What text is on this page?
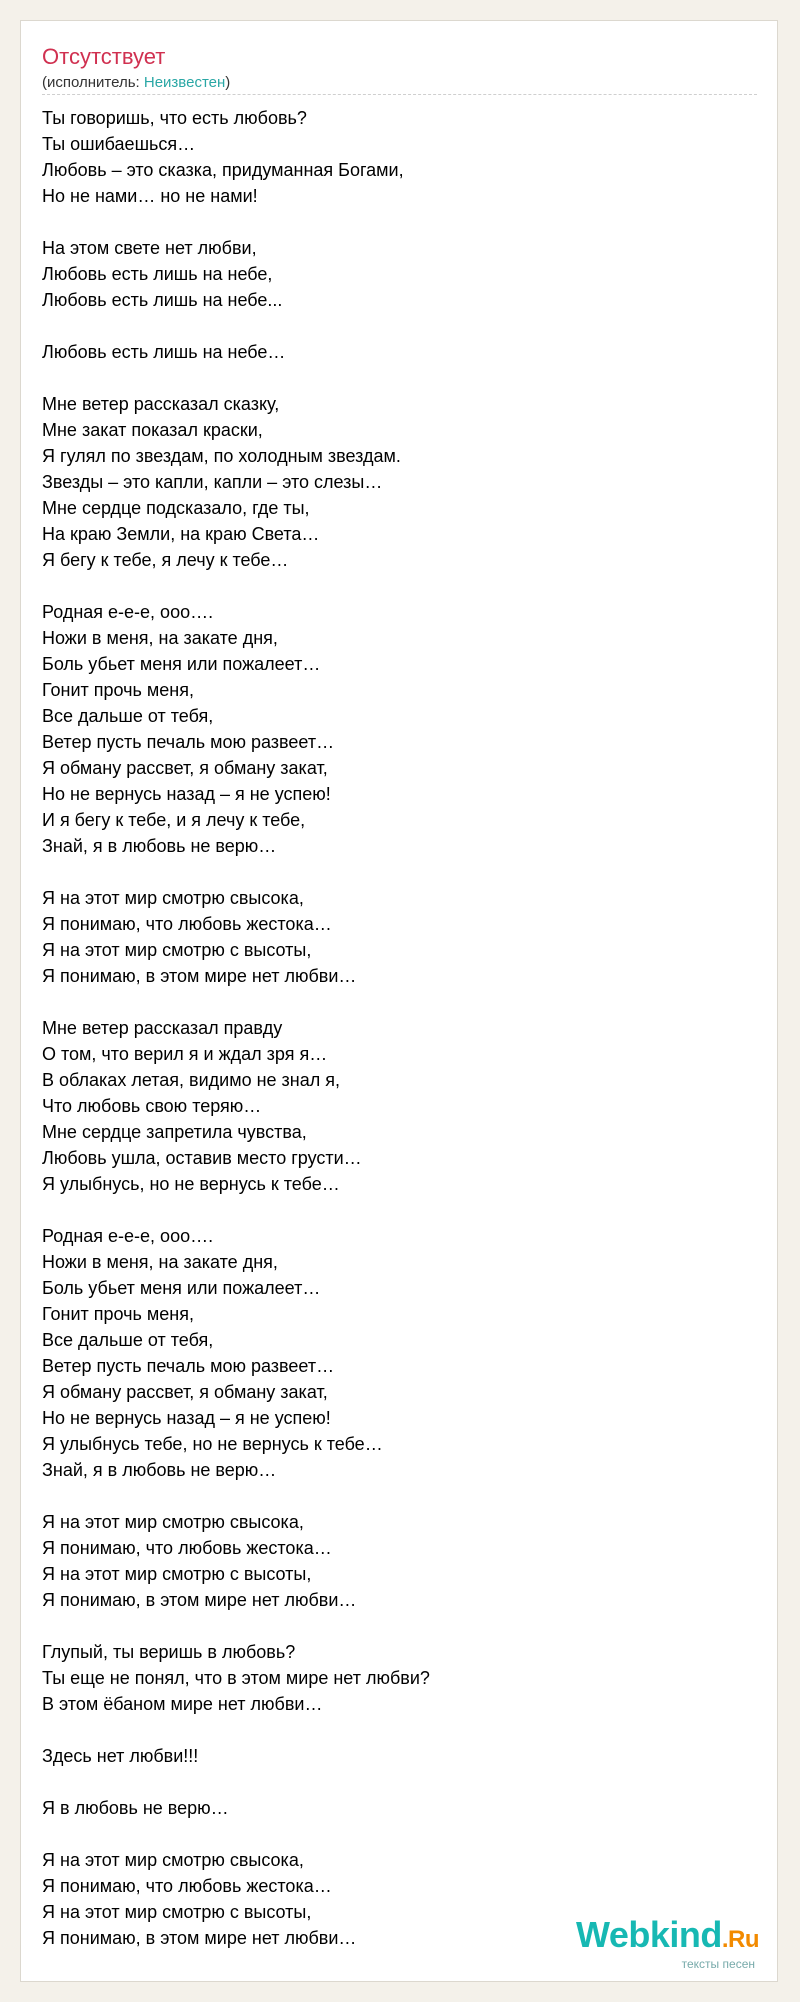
Отсутствует
(исполнитель: Неизвестен)
Ты говоришь, что есть любовь?
Ты ошибаешься…
Любовь – это сказка, придуманная Богами,
Но не нами… но не нами!
На этом свете нет любви,
Любовь есть лишь на небе,
Любовь есть лишь на небе...
Любовь есть лишь на небе…
Мне ветер рассказал сказку,
Мне закат показал краски,
Я гулял по звездам, по холодным звездам.
Звезды – это капли, капли – это слезы…
Мне сердце подсказало, где ты,
На краю Земли, на краю Света…
Я бегу к тебе, я лечу к тебе…
Родная е-е-е, ооо….
Ножи в меня, на закате дня,
Боль убьет меня или пожалеет…
Гонит прочь меня,
Все дальше от тебя,
Ветер пусть печаль мою развеет…
Я обману рассвет, я обману закат,
Но не вернусь назад – я не успею!
И я бегу к тебе, и я лечу к тебе,
Знай, я в любовь не верю…
Я на этот мир смотрю свысока,
Я понимаю, что любовь жестока…
Я на этот мир смотрю с высоты,
Я понимаю, в этом мире нет любви…
Мне ветер рассказал правду
О том, что верил я и ждал зря я…
В облаках летая, видимо не знал я,
Что любовь свою теряю…
Мне сердце запретила чувства,
Любовь ушла, оставив место грусти…
Я улыбнусь, но не вернусь к тебе…
Родная е-е-е, ооо….
Ножи в меня, на закате дня,
Боль убьет меня или пожалеет…
Гонит прочь меня,
Все дальше от тебя,
Ветер пусть печаль мою развеет…
Я обману рассвет, я обману закат,
Но не вернусь назад – я не успею!
Я улыбнусь тебе, но не вернусь к тебе…
Знай, я в любовь не верю…
Я на этот мир смотрю свысока,
Я понимаю, что любовь жестока…
Я на этот мир смотрю с высоты,
Я понимаю, в этом мире нет любви…
Глупый, ты веришь в любовь?
Ты еще не понял, что в этом мире нет любви?
В этом ёбаном мире нет любви…
Здесь нет любви!!!
Я в любовь не верю…
Я на этот мир смотрю свысока,
Я понимаю, что любовь жестока…
Я на этот мир смотрю с высоты,
Я понимаю, в этом мире нет любви…	Webkind.Ru
тексты песен
